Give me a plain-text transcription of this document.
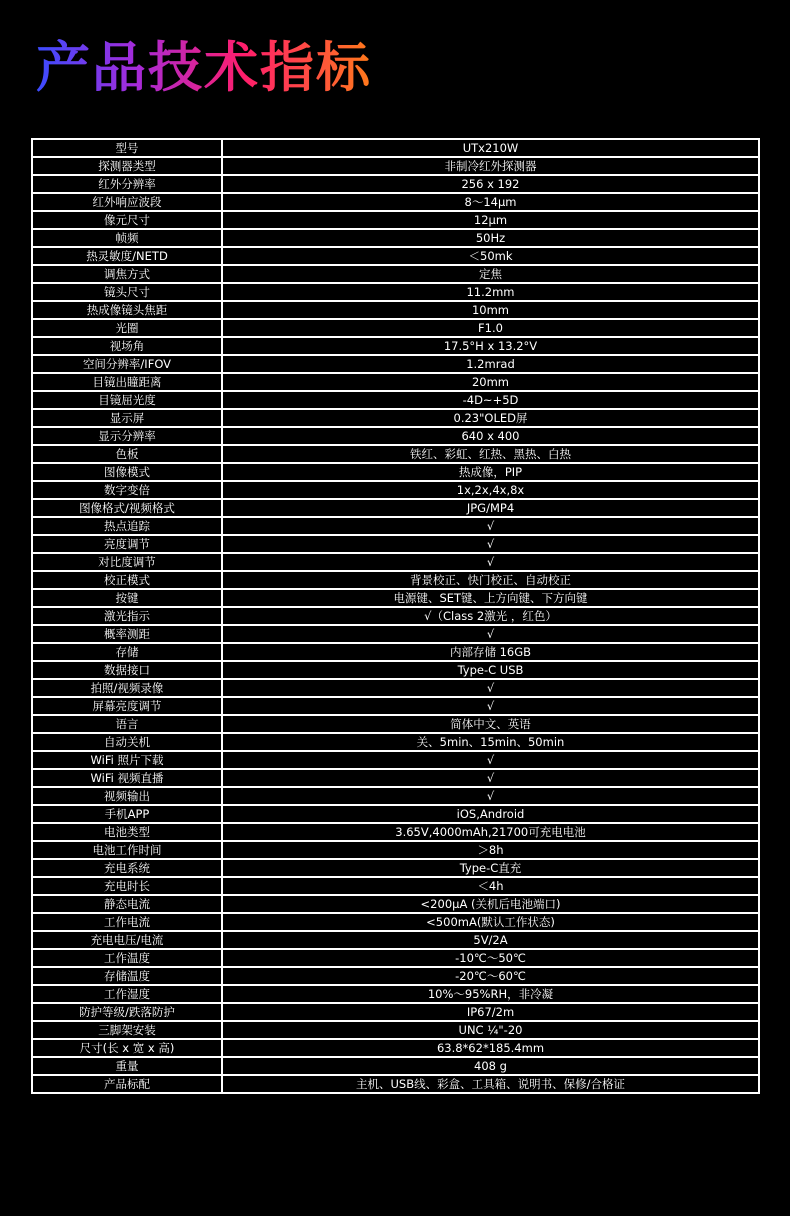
产品技术指标
型号	UTx210W
探测器类型	非制冷红外探测器
红外分辨率	256 x 192
红外响应波段	8～14μm
像元尺寸	12μm
帧频	50Hz
热灵敏度/NETD	＜50mk
调焦方式	定焦
镜头尺寸	11.2mm
热成像镜头焦距	10mm
光圈	F1.0
视场角	17.5°H x 13.2°V
空间分辨率/IFOV	1.2mrad
目镜出瞳距离	20mm
目镜屈光度	-4D~+5D
显示屏	0.23"OLED屏
显示分辨率	640 x 400
色板	铁红、彩虹、红热、黑热、白热
图像模式	热成像，PIP
数字变倍	1x,2x,4x,8x
图像格式/视频格式	JPG/MP4
热点追踪	√
亮度调节	√
对比度调节	√
校正模式	背景校正、快门校正、自动校正
按键	电源键、SET键、上方向键、下方向键
激光指示	√（Class 2激光 ，红色）
概率测距	√
存储	内部存储 16GB
数据接口	Type-C USB
拍照/视频录像	√
屏幕亮度调节	√
语言	简体中文、英语
自动关机	关、5min、15min、50min
WiFi 照片下载	√
WiFi 视频直播	√
视频输出	√
手机APP	iOS,Android
电池类型	3.65V,4000mAh,21700可充电电池
电池工作时间	＞8h
充电系统	Type-C直充
充电时长	＜4h
静态电流	<200μA (关机后电池端口)
工作电流	<500mA(默认工作状态)
充电电压/电流	5V/2A
工作温度	-10℃～50℃
存储温度	-20℃～60℃
工作湿度	10%～95%RH，非冷凝
防护等级/跌落防护	IP67/2m
三脚架安装	UNC ¼"-20
尺寸(长 x 宽 x 高)	63.8*62*185.4mm
重量	408 g
产品标配	主机、USB线、彩盒、工具箱、说明书、保修/合格证
